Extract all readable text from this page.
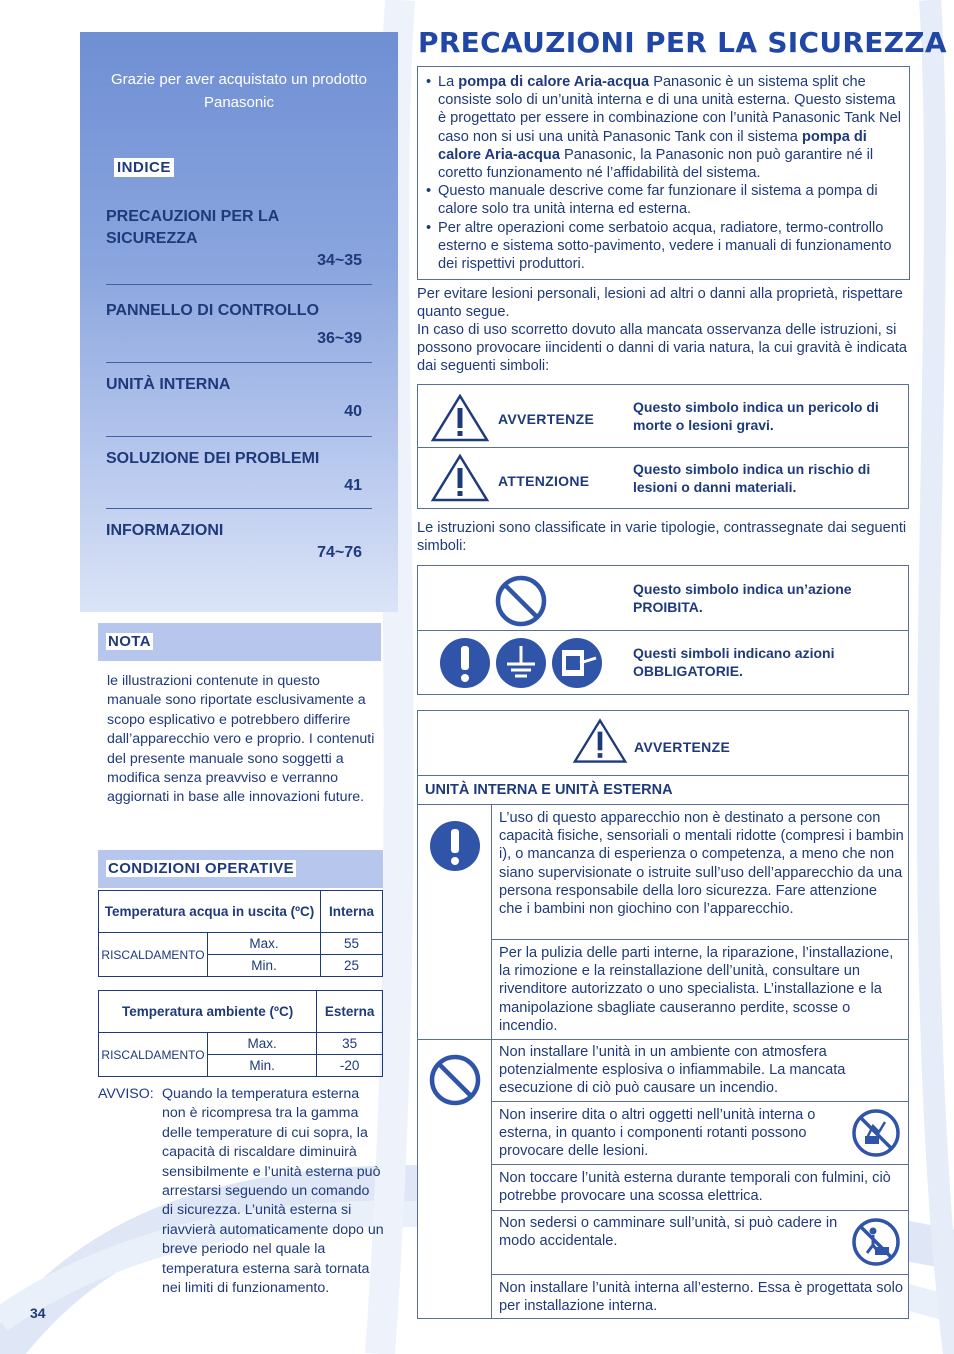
Grazie per aver acquistato un prodotto Panasonic
INDICE
PRECAUZIONI PER LA SICUREZZA
34~35
PANNELLO DI CONTROLLO
36~39
UNITÀ INTERNA
40
SOLUZIONE DEI PROBLEMI
41
INFORMAZIONI
74~76
NOTA
le illustrazioni contenute in questo manuale sono riportate esclusivamente a scopo esplicativo e potrebbero differire dall’apparecchio vero e proprio. I contenuti del presente manuale sono soggetti a modifica senza preavviso e verranno aggiornati in base alle innovazioni future.
CONDIZIONI OPERATIVE
Temperatura acqua in uscita (ºC)		Interna
RISCALDAMENTO	Max.	55
	Min.	25
Temperatura ambiente (ºC)		Esterna
RISCALDAMENTO	Max.	35
	Min.	-20
AVVISO: Quando la temperatura esterna non è ricompresa tra la gamma delle temperature di cui sopra, la capacità di riscaldare diminuirà sensibilmente e l’unità esterna può arrestarsi seguendo un comando di sicurezza. L’unità esterna si riavvierà automaticamente dopo un breve periodo nel quale la temperatura esterna sarà tornata nei limiti di funzionamento.
34
PRECAUZIONI PER LA SICUREZZA
• La pompa di calore Aria-acqua Panasonic è un sistema split che consiste solo di un’unità interna e di una unità esterna. Questo sistema è progettato per essere in combinazione con l’unità Panasonic Tank Nel caso non si usi una unità Panasonic Tank con il sistema pompa di calore Aria-acqua Panasonic, la Panasonic non può garantire né il coretto funzionamento né l’affidabilità del sistema.
• Questo manuale descrive come far funzionare il sistema a pompa di calore solo tra unità interna ed esterna.
• Per altre operazioni come serbatoio acqua, radiatore, termo-controllo esterno e sistema sotto-pavimento, vedere i manuali di funzionamento dei rispettivi produttori.
Per evitare lesioni personali, lesioni ad altri o danni alla proprietà, rispettare quanto segue.
In caso di uso scorretto dovuto alla mancata osservanza delle istruzioni, si possono provocare iincidenti o danni di varia natura, la cui gravità è indicata dai seguenti simboli:
AVVERTENZE
Questo simbolo indica un pericolo di morte o lesioni gravi.
ATTENZIONE
Questo simbolo indica un rischio di lesioni o danni materiali.
Le istruzioni sono classificate in varie tipologie, contrassegnate dai seguenti simboli:
Questo simbolo indica un’azione PROIBITA.
Questi simboli indicano azioni OBBLIGATORIE.
AVVERTENZE
UNITÀ INTERNA E UNITÀ ESTERNA
L’uso di questo apparecchio non è destinato a persone con capacità fisiche, sensoriali o mentali ridotte (compresi i bambin i), o mancanza di esperienza o competenza, a meno che non siano supervisionate o istruite sull’uso dell’apparecchio da una persona responsabile della loro sicurezza. Fare attenzione che i bambini non giochino con l’apparecchio.
Per la pulizia delle parti interne, la riparazione, l’installazione, la rimozione e la reinstallazione dell’unità, consultare un rivenditore autorizzato o uno specialista. L’installazione e la manipolazione sbagliate causeranno perdite, scosse o incendio.
Non installare l’unità in un ambiente con atmosfera potenzialmente esplosiva o infiammabile. La mancata esecuzione di ciò può causare un incendio.
Non inserire dita o altri oggetti nell’unità interna o esterna, in quanto i componenti rotanti possono provocare delle lesioni.
Non toccare l’unità esterna durante temporali con fulmini, ciò potrebbe provocare una scossa elettrica.
Non sedersi o camminare sull’unità, si può cadere in modo accidentale.
Non installare l’unità interna all’esterno. Essa è progettata solo per installazione interna.
